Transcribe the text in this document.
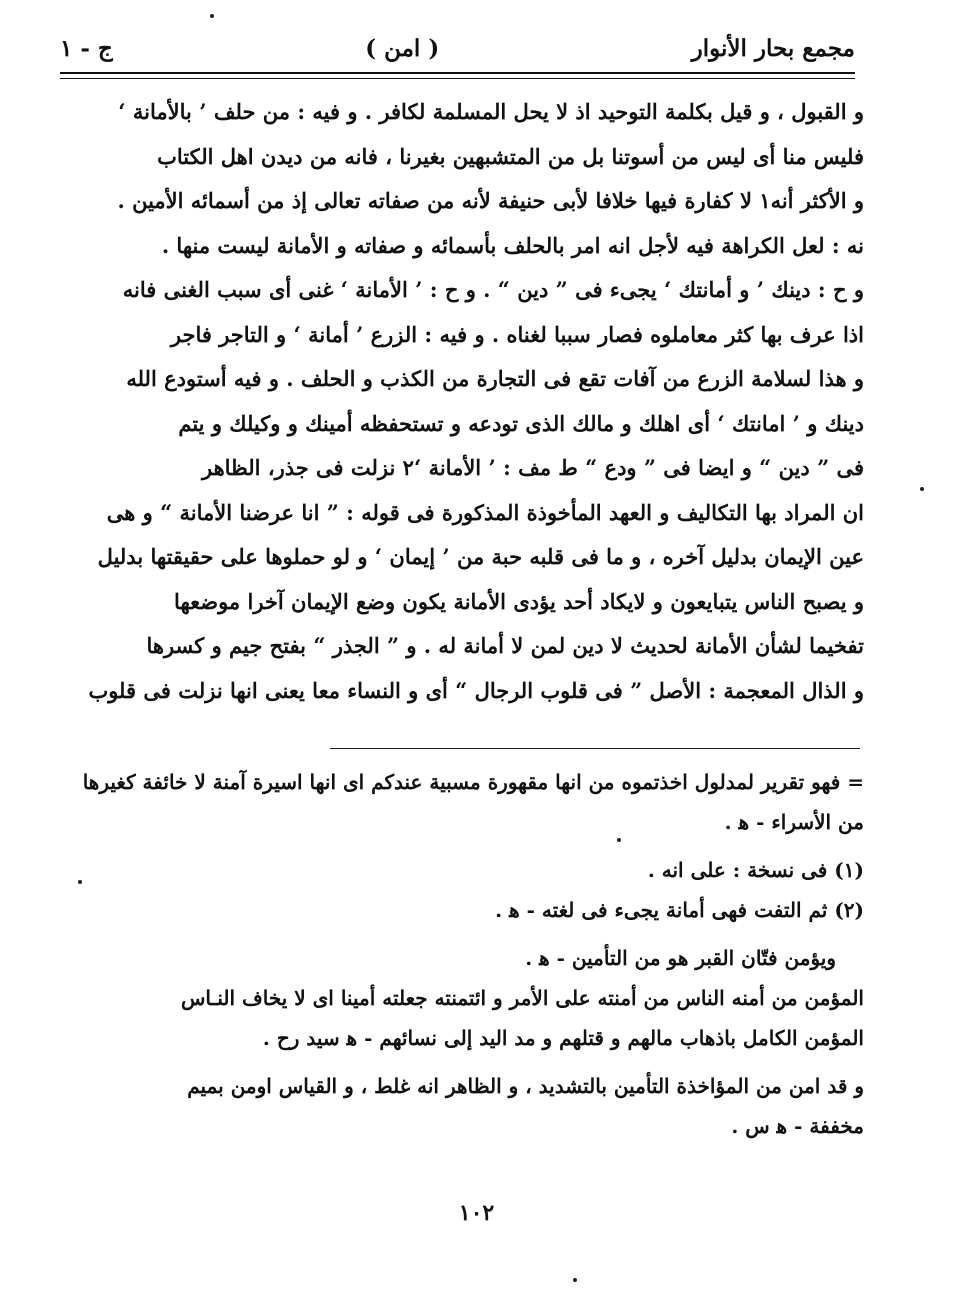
مجمع بحار الأنوار
( امن )
ج - ١
و القبول ، و قيل بكلمة التوحيد اذ لا يحل المسلمة لكافر . و فيه : من حلف ’ بالأمانة ‘
فليس منا أى ليس من أسوتنا بل من المتشبهين بغيرنا ، فانه من ديدن اهل الكتاب
و الأكثر أنه١ لا كفارة فيها خلافا لأبى حنيفة لأنه من صفاته تعالى إذ من أسمائه الأمين .
نه : لعل الكراهة فيه لأجل انه امر بالحلف بأسمائه و صفاته و الأمانة ليست منها .
و ح : دينك ’ و أمانتك ‘ يجىء فى ” دين “ . و ح : ’ الأمانة ‘ غنى أى سبب الغنى فانه
اذا عرف بها كثر معاملوه فصار سببا لغناه . و فيه : الزرع ’ أمانة ‘ و التاجر فاجر
و هذا لسلامة الزرع من آفات تقع فى التجارة من الكذب و الحلف . و فيه أستودع الله
دينك و ’ امانتك ‘ أى اهلك و مالك الذى تودعه و تستحفظه أمينك و وكيلك و يتم
فى ” دين “ و ايضا فى ” ودع “ ط مف : ’ الأمانة ‘٢ نزلت فى جذر، الظاهر
ان المراد بها التكاليف و العهد المأخوذة المذكورة فى قوله : ” انا عرضنا الأمانة “ و هى
عين الإيمان بدليل آخره ، و ما فى قلبه حبة من ’ إيمان ‘ و لو حملوها على حقيقتها بدليل
و يصبح الناس يتبايعون و لايكاد أحد يؤدى الأمانة يكون وضع الإيمان آخرا موضعها
تفخيما لشأن الأمانة لحديث لا دين لمن لا أمانة له . و ” الجذر “ بفتح جيم و كسرها
و الذال المعجمة : الأصل ” فى قلوب الرجال “ أى و النساء معا يعنى انها نزلت فى قلوب
= فهو تقرير لمدلول اخذتموه من انها مقهورة مسبية عندكم اى انها اسيرة آمنة لا خائفة كغيرها
من الأسراء - ﻫ .
(١) فى نسخة : على انه .
(٢) ثم التفت فهى أمانة يجىء فى لغته - ﻫ .
ويؤمن فتّان القبر هو من التأمين - ﻫ .
المؤمن من أمنه الناس من أمنته على الأمر و ائتمنته جعلته أمينا اى لا يخاف النـاس
المؤمن الكامل باذهاب مالهم و قتلهم و مد اليد إلى نسائهم - ﻫ سيد رح .
و قد امن من المؤاخذة التأمين بالتشديد ، و الظاهر انه غلط ، و القياس اومن بميم
مخففة - ﻫ س .
١٠٢
